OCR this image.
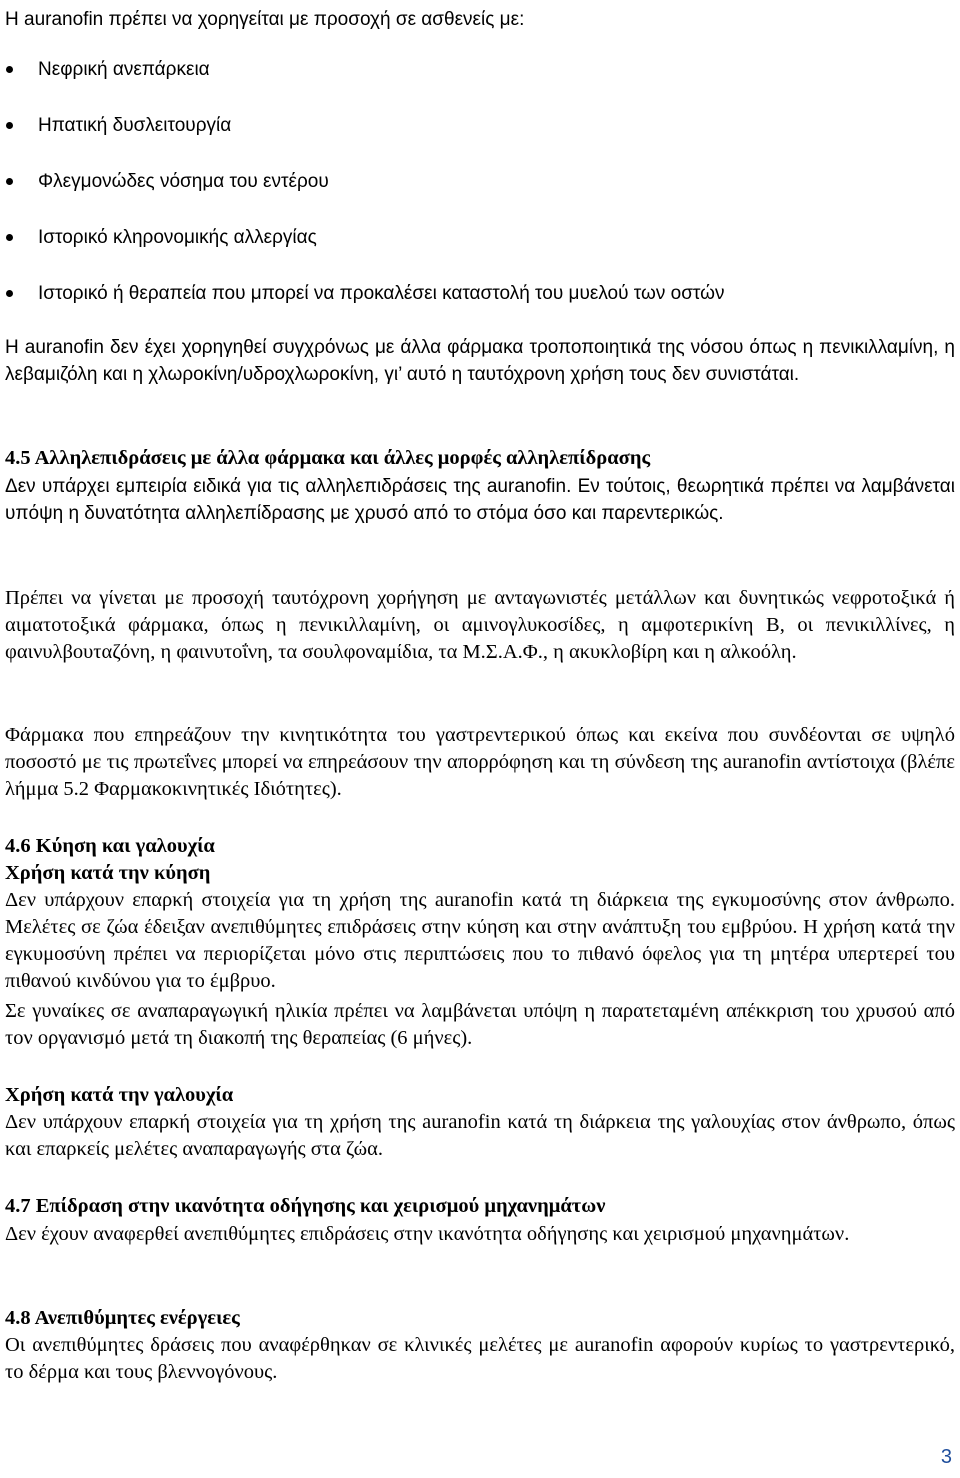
Η auranofin πρέπει να χορηγείται με προσοχή σε ασθενείς με:

Νεφρική ανεπάρκεια
Ηπατική δυσλειτουργία
Φλεγμονώδες νόσημα του εντέρου
Ιστορικό κληρονομικής αλλεργίας
Ιστορικό ή θεραπεία που μπορεί να προκαλέσει καταστολή του μυελού των οστών

Η auranofin δεν έχει χορηγηθεί συγχρόνως με άλλα φάρμακα τροποποιητικά της νόσου όπως η πενικιλλαμίνη, η λεβαμιζόλη και η χλωροκίνη/υδροχλωροκίνη, γι’ αυτό η ταυτόχρονη χρήση τους δεν συνιστάται.

4.5 Αλληλεπιδράσεις με άλλα φάρμακα και άλλες μορφές αλληλεπίδρασης

Δεν υπάρχει εμπειρία ειδικά για τις αλληλεπιδράσεις της auranofin. Εν τούτοις, θεωρητικά πρέπει να λαμβάνεται υπόψη η δυνατότητα αλληλεπίδρασης με χρυσό από το στόμα όσο και παρεντερικώς.

Πρέπει να γίνεται με προσοχή ταυτόχρονη χορήγηση με ανταγωνιστές μετάλλων και δυνητικώς νεφροτοξικά ή αιματοτοξικά φάρμακα, όπως η πενικιλλαμίνη, οι αμινογλυκοσίδες, η αμφοτερικίνη Β, οι πενικιλλίνες, η φαινυλβουταζόνη, η φαινυτοΐνη, τα σουλφοναμίδια, τα Μ.Σ.Α.Φ., η ακυκλοβίρη και η αλκοόλη.

Φάρμακα που επηρεάζουν την κινητικότητα του γαστρεντερικού όπως και εκείνα που συνδέονται σε υψηλό ποσοστό με τις πρωτεΐνες μπορεί να επηρεάσουν την απορρόφηση και τη σύνδεση της auranofin αντίστοιχα (βλέπε λήμμα 5.2 Φαρμακοκινητικές Ιδιότητες).

4.6 Κύηση και γαλουχία

Χρήση κατά την κύηση

Δεν υπάρχουν επαρκή στοιχεία για τη χρήση της auranofin κατά τη διάρκεια της εγκυμοσύνης στον άνθρωπο. Μελέτες σε ζώα έδειξαν ανεπιθύμητες επιδράσεις στην κύηση και στην ανάπτυξη του εμβρύου. Η χρήση κατά την εγκυμοσύνη πρέπει να περιορίζεται μόνο στις περιπτώσεις που το πιθανό όφελος για τη μητέρα υπερτερεί του πιθανού κινδύνου για το έμβρυο.

Σε γυναίκες σε αναπαραγωγική ηλικία πρέπει να λαμβάνεται υπόψη η παρατεταμένη απέκκριση του χρυσού από τον οργανισμό μετά τη διακοπή της θεραπείας (6 μήνες).

Χρήση κατά την γαλουχία

Δεν υπάρχουν επαρκή στοιχεία για τη χρήση της auranofin κατά τη διάρκεια της γαλουχίας στον άνθρωπο, όπως και επαρκείς μελέτες αναπαραγωγής στα ζώα.

4.7 Επίδραση στην ικανότητα οδήγησης και χειρισμού μηχανημάτων

Δεν έχουν αναφερθεί ανεπιθύμητες επιδράσεις στην ικανότητα οδήγησης και χειρισμού μηχανημάτων.

4.8 Ανεπιθύμητες ενέργειες

Οι ανεπιθύμητες δράσεις που αναφέρθηκαν σε κλινικές μελέτες με auranofin αφορούν κυρίως το γαστρεντερικό, το δέρμα και τους βλεννογόνους.

3
